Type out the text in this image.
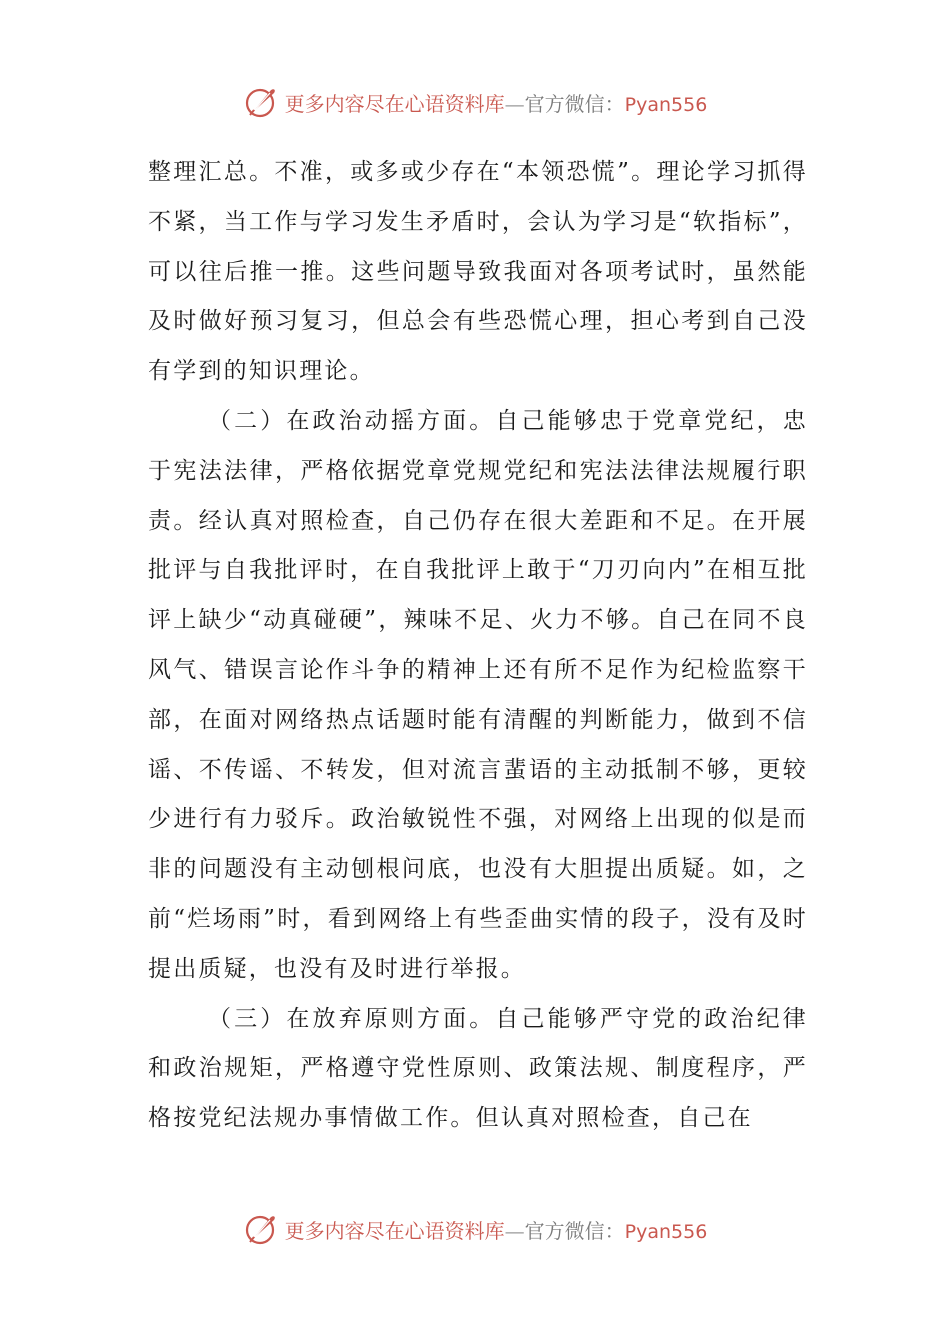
更多内容尽在心语资料库—官方微信：Pyan556

整理汇总。不准，或多或少存在“本领恐慌”。理论学习抓得不紧，当工作与学习发生矛盾时，会认为学习是“软指标”，可以往后推一推。这些问题导致我面对各项考试时，虽然能及时做好预习复习，但总会有些恐慌心理，担心考到自己没有学到的知识理论。

（二）在政治动摇方面。自己能够忠于党章党纪，忠于宪法法律，严格依据党章党规党纪和宪法法律法规履行职责。经认真对照检查，自己仍存在很大差距和不足。在开展批评与自我批评时，在自我批评上敢于“刀刃向内”在相互批评上缺少“动真碰硬”，辣味不足、火力不够。自己在同不良风气、错误言论作斗争的精神上还有所不足作为纪检监察干部，在面对网络热点话题时能有清醒的判断能力，做到不信谣、不传谣、不转发，但对流言蜚语的主动抵制不够，更较少进行有力驳斥。政治敏锐性不强，对网络上出现的似是而非的问题没有主动刨根问底，也没有大胆提出质疑。如，之前“烂场雨”时，看到网络上有些歪曲实情的段子，没有及时提出质疑，也没有及时进行举报。

（三）在放弃原则方面。自己能够严守党的政治纪律和政治规矩，严格遵守党性原则、政策法规、制度程序，严格按党纪法规办事情做工作。但认真对照检查，自己在

更多内容尽在心语资料库—官方微信：Pyan556
